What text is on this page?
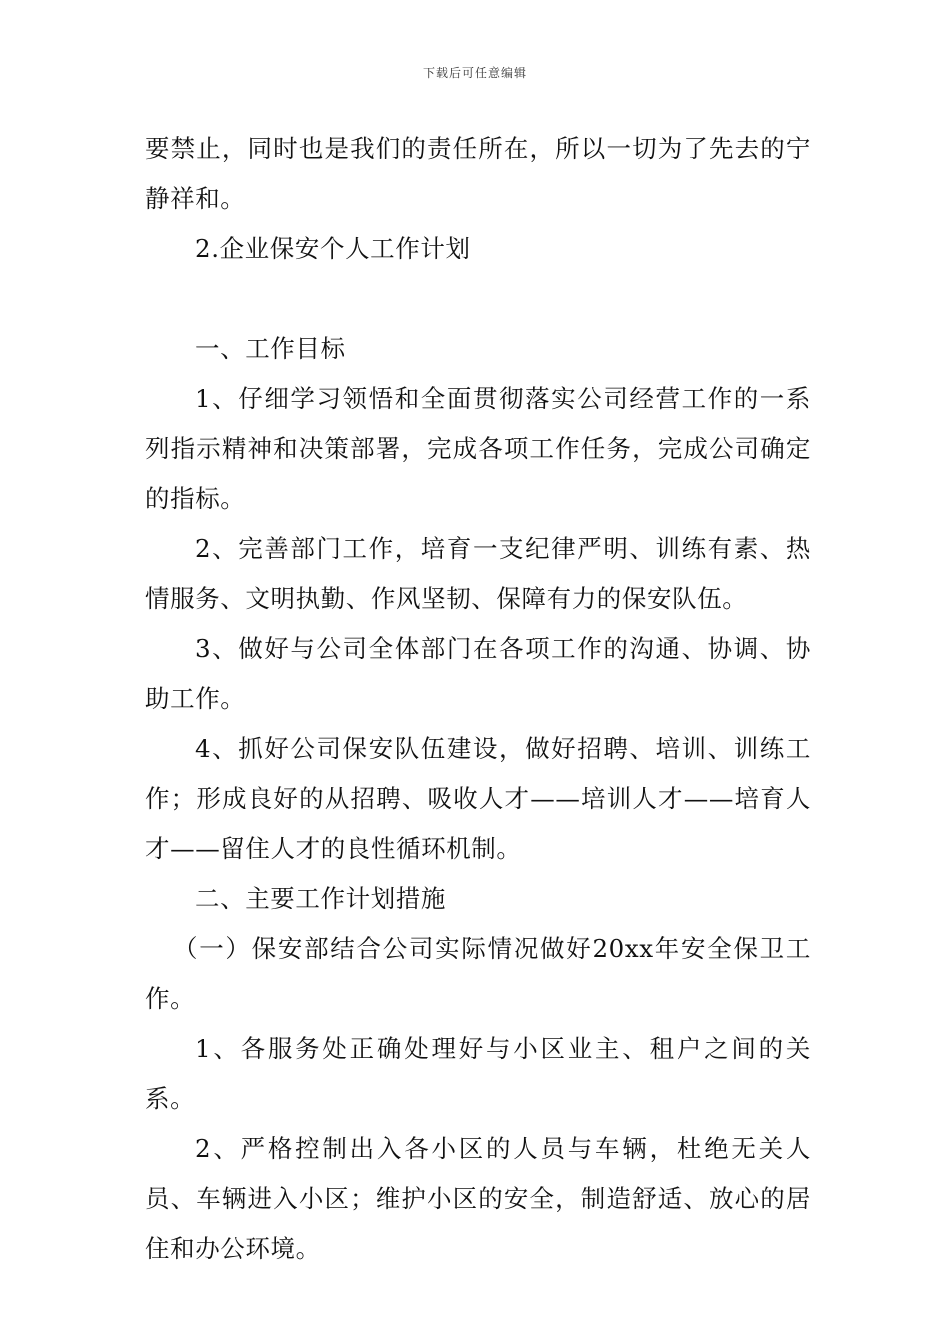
下载后可任意编辑

要禁止，同时也是我们的责任所在，所以一切为了先去的宁静祥和。

2.企业保安个人工作计划

一、工作目标

1、仔细学习领悟和全面贯彻落实公司经营工作的一系列指示精神和决策部署，完成各项工作任务，完成公司确定的指标。

2、完善部门工作，培育一支纪律严明、训练有素、热情服务、文明执勤、作风坚韧、保障有力的保安队伍。

3、做好与公司全体部门在各项工作的沟通、协调、协助工作。

4、抓好公司保安队伍建设，做好招聘、培训、训练工作；形成良好的从招聘、吸收人才——培训人才——培育人才——留住人才的良性循环机制。

二、主要工作计划措施

（一）保安部结合公司实际情况做好20xx年安全保卫工作。

1、各服务处正确处理好与小区业主、租户之间的关系。

2、严格控制出入各小区的人员与车辆，杜绝无关人员、车辆进入小区；维护小区的安全，制造舒适、放心的居住和办公环境。
